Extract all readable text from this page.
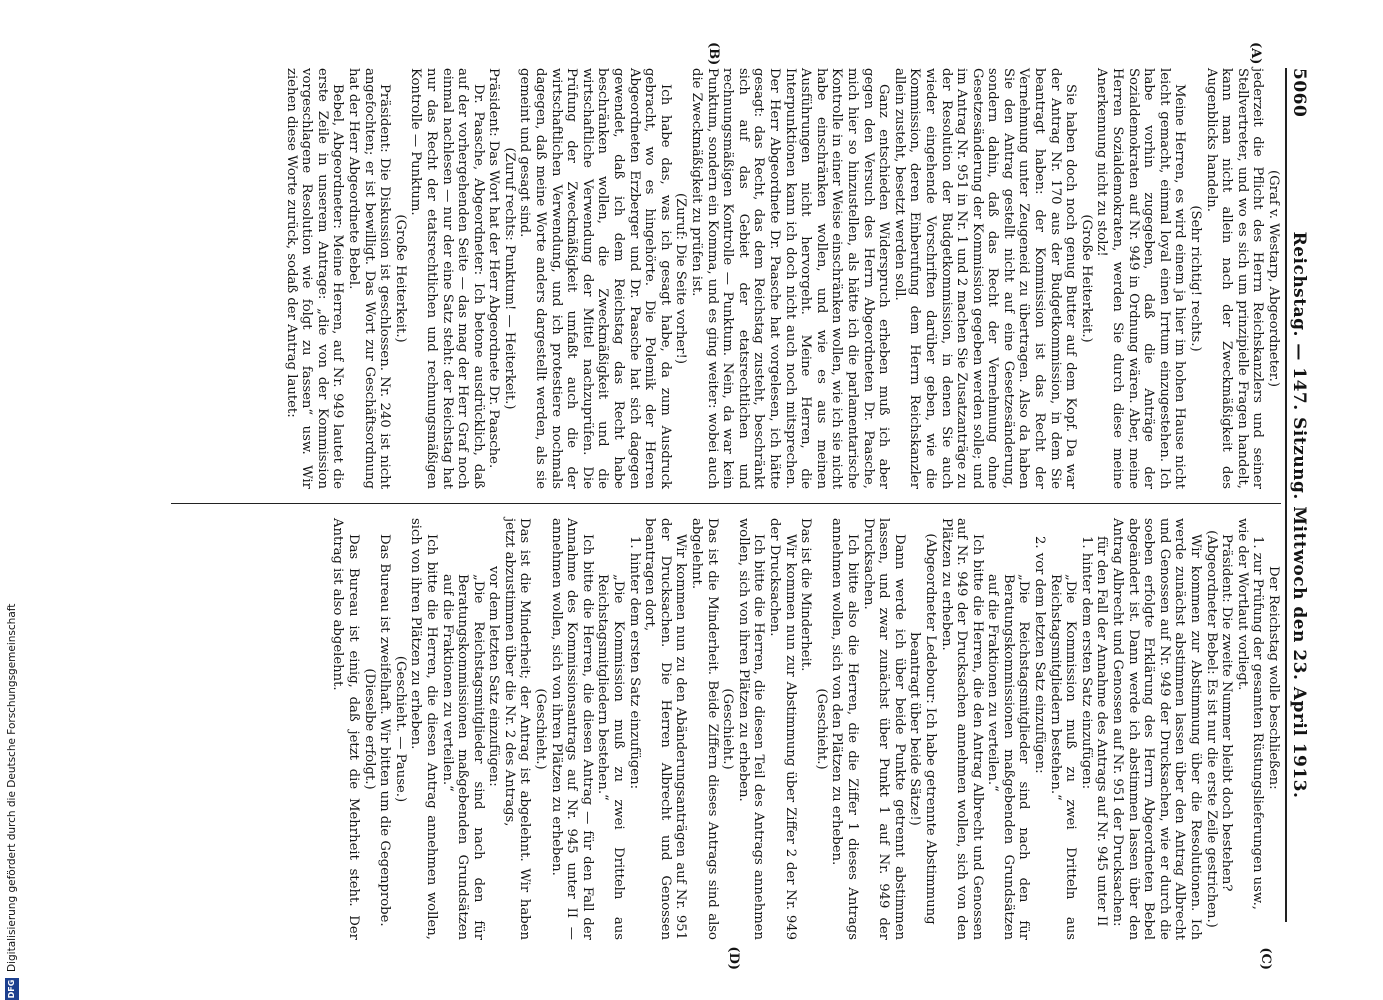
DFGDigitalisierung gefördert durch die Deutsche Forschungsgemeinschaft
5060
Reichstag. — 147. Sitzung. Mittwoch den 23. April 1913.
(A)
(B)
(C)
(D)

(Graf v. Westarp, Abgeordneter.)

jederzeit die Pflicht des Herrn Reichskanzlers und seiner Stellvertreter, und wo es sich um prinzipielle Fragen handelt, kann man nicht allein nach der Zweckmäßigkeit des Augenblicks handeln.

(Sehr richtig! rechts.)

Meine Herren, es wird einem ja hier im hohen Hause nicht leicht gemacht, einmal loyal einen Irrtum einzugestehen. Ich habe vorhin zugegeben, daß die Anträge der Sozialdemokraten auf Nr. 949 in Ordnung wären. Aber, meine Herren Sozialdemokraten, werden Sie durch diese meine Anerkennung nicht zu stolz!

(Große Heiterkeit.)

Sie haben doch noch genug Butter auf dem Kopf. Da war der Antrag Nr. 170 aus der Budgetkommission, in dem Sie beantragt haben: der Kommission ist das Recht der Vernehmung unter Zeugeneid zu übertragen. Also da haben Sie den Antrag gestellt nicht auf eine Gesetzesänderung, sondern dahin, daß das Recht der Vernehmung ohne Gesetzesänderung der Kommission gegeben werden solle; und im Antrag Nr. 951 in Nr. 1 und 2 machen Sie Zusatzanträge zu der Resolution der Budgetkommission, in denen Sie auch wieder eingehende Vorschriften darüber geben, wie die Kommission, deren Einberufung dem Herrn Reichskanzler allein zusteht, besetzt werden soll.

Ganz entschieden Widerspruch erheben muß ich aber gegen den Versuch des Herrn Abgeordneten Dr. Paasche, mich hier so hinzustellen, als hätte ich die parlamentarische Kontrolle in einer Weise einschränken wollen, wie ich sie nicht habe einschränken wollen, und wie es aus meinen Ausführungen nicht hervorgeht. Meine Herren, die Interpunktionen kann ich doch nicht auch noch mitsprechen. Der Herr Abgeordnete Dr. Paasche hat vorgelesen, ich hätte gesagt: das Recht, das dem Reichstag zusteht, beschränkt sich auf das Gebiet der etatsrechtlichen und rechnungsmäßigen Kontrolle — Punktum. Nein, da war kein Punktum, sondern ein Komma, und es ging weiter: wobei auch die Zweckmäßigkeit zu prüfen ist.

(Zuruf: Die Seite vorher!)

Ich habe das, was ich gesagt habe, da zum Ausdruck gebracht, wo es hingehörte. Die Polemik der Herren Abgeordneten Erzberger und Dr. Paasche hat sich dagegen gewendet, daß ich dem Reichstag das Recht habe beschränken wollen, die Zweckmäßigkeit und die wirtschaftliche Verwendung der Mittel nachzuprüfen. Die Prüfung der Zweckmäßigkeit umfaßt auch die der wirtschaftlichen Verwendung, und ich protestiere nochmals dagegen, daß meine Worte anders dargestellt werden, als sie gemeint und gesagt sind.

(Zuruf rechts: Punktum! — Heiterkeit.)

Präsident: Das Wort hat der Herr Abgeordnete Dr. Paasche.

Dr. Paasche, Abgeordneter: Ich betone ausdrücklich, daß auf der vorhergehenden Seite — das mag der Herr Graf noch einmal nachlesen — nur der eine Satz steht: der Reichstag hat nur das Recht der etatsrechtlichen und rechnungsmäßigen Kontrolle — Punktum.

(Große Heiterkeit.)

Präsident: Die Diskussion ist geschlossen. Nr. 240 ist nicht angefochten; er ist bewilligt. Das Wort zur Geschäftsordnung hat der Herr Abgeordnete Bebel.

Bebel, Abgeordneter: Meine Herren, auf Nr. 949 lautet die erste Zeile in unserem Antrage: „die von der Kommission vorgeschlagene Resolution wie folgt zu fassen“ usw. Wir ziehen diese Worte zurück, sodaß der Antrag lautet:

Der Reichstag wolle beschließen:

1. zur Prüfung der gesamten Rüstungslieferungen usw.,

wie der Wortlaut vorliegt.

Präsident: Die zweite Nummer bleibt doch bestehen?

(Abgeordneter Bebel: Es ist nur die erste Zeile gestrichen.)

Wir kommen zur Abstimmung über die Resolutionen. Ich werde zunächst abstimmen lassen über den Antrag Albrecht und Genossen auf Nr. 949 der Drucksachen, wie er durch die soeben erfolgte Erklärung des Herrn Abgeordneten Bebel abgeändert ist. Dann werde ich abstimmen lassen über den Antrag Albrecht und Genossen auf Nr. 951 der Drucksachen:

für den Fall der Annahme des Antrags auf Nr. 945 unter II

1. hinter dem ersten Satz einzufügen:

„Die Kommission muß zu zwei Dritteln aus Reichstagsmitgliedern bestehen.“

2. vor dem letzten Satz einzufügen:

„Die Reichstagsmitglieder sind nach den für Beratungskommissionen maßgebenden Grundsätzen auf die Fraktionen zu verteilen.“

Ich bitte die Herren, die den Antrag Albrecht und Genossen auf Nr. 949 der Drucksachen annehmen wollen, sich von den Plätzen zu erheben.

(Abgeordneter Ledebour: Ich habe getrennte Abstimmung beantragt über beide Sätze!)

Dann werde ich über beide Punkte getrennt abstimmen lassen, und zwar zunächst über Punkt 1 auf Nr. 949 der Drucksachen.

Ich bitte also die Herren, die die Ziffer 1 dieses Antrags annehmen wollen, sich von den Plätzen zu erheben.

(Geschieht.)

Das ist die Minderheit.

Wir kommen nun zur Abstimmung über Ziffer 2 der Nr. 949 der Drucksachen.

Ich bitte die Herren, die diesen Teil des Antrags annehmen wollen, sich von ihren Plätzen zu erheben.

(Geschieht.)

Das ist die Minderheit. Beide Ziffern dieses Antrags sind also abgelehnt.

Wir kommen nun zu den Abänderungsanträgen auf Nr. 951 der Drucksachen. Die Herren Albrecht und Genossen beantragen dort,

1. hinter dem ersten Satz einzufügen:

„Die Kommission muß zu zwei Dritteln aus Reichstagsmitgliedern bestehen.“

Ich bitte die Herren, die diesen Antrag — für den Fall der Annahme des Kommissionsantrags auf Nr. 945 unter II — annehmen wollen, sich von ihren Plätzen zu erheben.

(Geschieht.)

Das ist die Minderheit; der Antrag ist abgelehnt. Wir haben jetzt abzustimmen über die Nr. 2 des Antrags,

vor dem letzten Satz einzufügen:

„Die Reichstagsmitglieder sind nach den für Beratungskommissionen maßgebenden Grundsätzen auf die Fraktionen zu verteilen.“

Ich bitte die Herren, die diesen Antrag annehmen wollen, sich von ihren Plätzen zu erheben.

(Geschieht. — Pause.)

Das Bureau ist zweifelhaft. Wir bitten um die Gegenprobe.

(Dieselbe erfolgt.)

Das Bureau ist einig, daß jetzt die Mehrheit steht. Der Antrag ist also abgelehnt.
